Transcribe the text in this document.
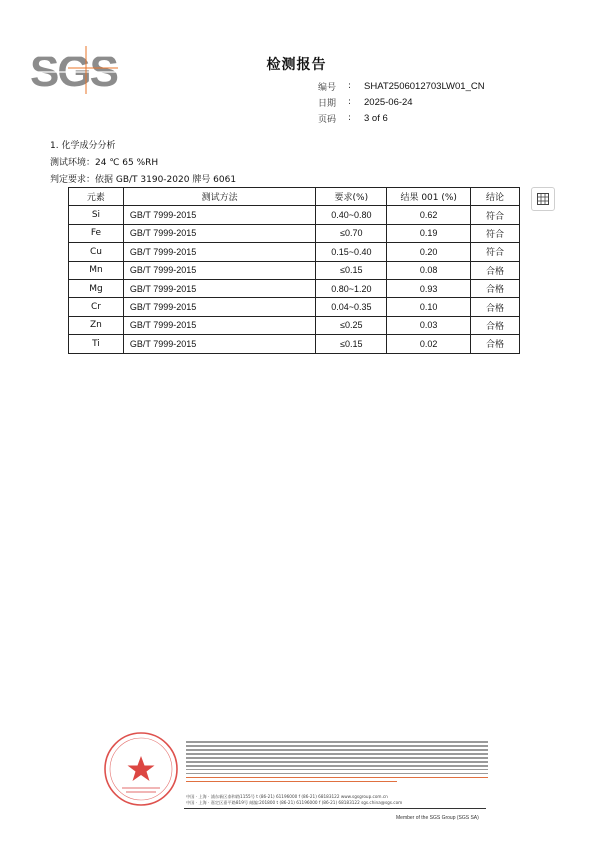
SGS	检测报告
编号	:	SHAT2506012703LW01_CN
日期	:	2025-06-24
页码	:	3 of 6
1. 化学成分分析
测试环境：24 ℃ 65 %RH
判定要求：依据 GB/T 3190-2020 牌号 6061
元素	测试方法	要求(%)	结果 001 (%)	结论
Si	GB/T 7999-2015	0.40~0.80	0.62	符合
Fe	GB/T 7999-2015	≤0.70	0.19	符合
Cu	GB/T 7999-2015	0.15~0.40	0.20	符合
Mn	GB/T 7999-2015	≤0.15	0.08	合格
Mg	GB/T 7999-2015	0.80~1.20	0.93	合格
Cr	GB/T 7999-2015	0.04~0.35	0.10	合格
Zn	GB/T 7999-2015	≤0.25	0.03	合格
Ti	GB/T 7999-2015	≤0.15	0.02	合格
中国 · 上海 · 浦东新区泰和路1155号 t (86-21) 61196000 f (86-21) 68183122 www.sgsgroup.com.cn
中国 · 上海 · 嘉定区嘉平路819号 邮编:201800 t (86-21) 61196000 f (86-21) 68183122 sgs.china@sgs.com
Member of the SGS Group (SGS SA)
